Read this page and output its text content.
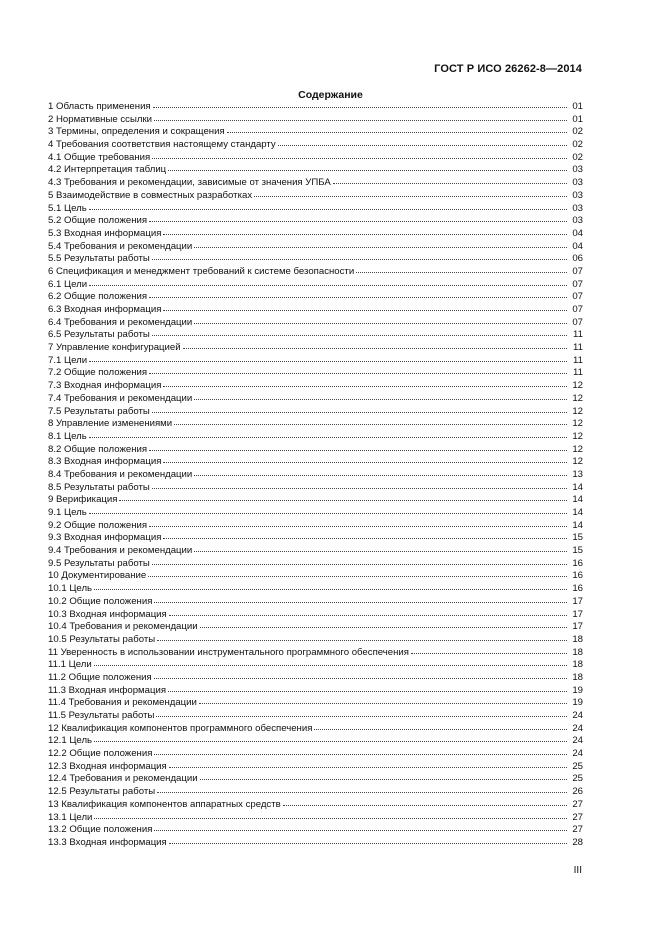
ГОСТ Р ИСО 26262-8—2014
Содержание
1 Область применения	01
2 Нормативные ссылки	01
3 Термины, определения и сокращения	02
4 Требования соответствия настоящему стандарту	02
4.1 Общие требования	02
4.2 Интерпретация таблиц	03
4.3 Требования и рекомендации, зависимые от значения УПБА	03
5 Взаимодействие в совместных разработках	03
5.1 Цель	03
5.2 Общие положения	03
5.3 Входная информация	04
5.4 Требования и рекомендации	04
5.5 Результаты работы	06
6 Спецификация и менеджмент требований к системе безопасности	07
6.1 Цели	07
6.2 Общие положения	07
6.3 Входная информация	07
6.4 Требования и рекомендации	07
6.5 Результаты работы	11
7 Управление конфигурацией	11
7.1 Цели	11
7.2 Общие положения	11
7.3 Входная информация	12
7.4 Требования и рекомендации	12
7.5 Результаты работы	12
8 Управление изменениями	12
8.1 Цель	12
8.2 Общие положения	12
8.3 Входная информация	12
8.4 Требования и рекомендации	13
8.5 Результаты работы	14
9 Верификация	14
9.1 Цель	14
9.2 Общие положения	14
9.3 Входная информация	15
9.4 Требования и рекомендации	15
9.5 Результаты работы	16
10 Документирование	16
10.1 Цель	16
10.2 Общие положения	17
10.3 Входная информация	17
10.4 Требования и рекомендации	17
10.5 Результаты работы	18
11 Уверенность в использовании инструментального программного обеспечения	18
11.1 Цели	18
11.2 Общие положения	18
11.3 Входная информация	19
11.4 Требования и рекомендации	19
11.5 Результаты работы	24
12 Квалификация компонентов программного обеспечения	24
12.1 Цель	24
12.2 Общие положения	24
12.3 Входная информация	25
12.4 Требования и рекомендации	25
12.5 Результаты работы	26
13 Квалификация компонентов аппаратных средств	27
13.1 Цели	27
13.2 Общие положения	27
13.3 Входная информация	28
III
